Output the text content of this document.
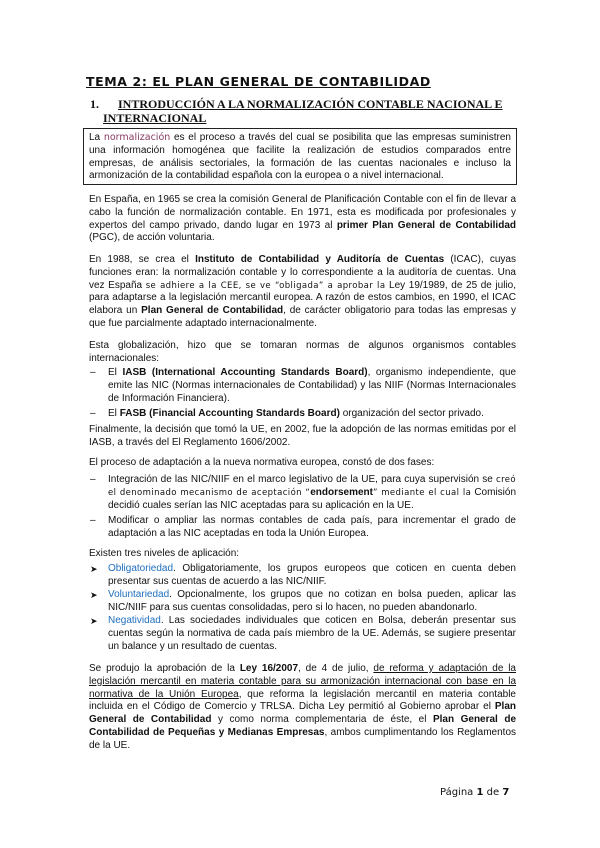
TEMA 2: EL PLAN GENERAL DE CONTABILIDAD
1. INTRODUCCIÓN A LA NORMALIZACIÓN CONTABLE NACIONAL E
INTERNACIONAL
La normalización es el proceso a través del cual se posibilita que las empresas suministren una información homogénea que facilite la realización de estudios comparados entre empresas, de análisis sectoriales, la formación de las cuentas nacionales e incluso la armonización de la contabilidad española con la europea o a nivel internacional.
En España, en 1965 se crea la comisión General de Planificación Contable con el fin de llevar a cabo la función de normalización contable. En 1971, esta es modificada por profesionales y expertos del campo privado, dando lugar en 1973 al primer Plan General de Contabilidad (PGC), de acción voluntaria.
En 1988, se crea el Instituto de Contabilidad y Auditoría de Cuentas (ICAC), cuyas funciones eran: la normalización contable y lo correspondiente a la auditoría de cuentas. Una vez España se adhiere a la CEE, se ve “obligada” a aprobar la Ley 19/1989, de 25 de julio, para adaptarse a la legislación mercantil europea. A razón de estos cambios, en 1990, el ICAC elabora un Plan General de Contabilidad, de carácter obligatorio para todas las empresas y que fue parcialmente adaptado internacionalmente.
Esta globalización, hizo que se tomaran normas de algunos organismos contables internacionales:
– El IASB (International Accounting Standards Board), organismo independiente, que emite las NIC (Normas internacionales de Contabilidad) y las NIIF (Normas Internacionales de Información Financiera).
– El FASB (Financial Accounting Standards Board) organización del sector privado.
Finalmente, la decisión que tomó la UE, en 2002, fue la adopción de las normas emitidas por el IASB, a través del El Reglamento 1606/2002.
El proceso de adaptación a la nueva normativa europea, constó de dos fases:
– Integración de las NIC/NIIF en el marco legislativo de la UE, para cuya supervisión se creó el denominado mecanismo de aceptación “endorsement” mediante el cual la Comisión decidió cuales serían las NIC aceptadas para su aplicación en la UE.
– Modificar o ampliar las normas contables de cada país, para incrementar el grado de adaptación a las NIC aceptadas en toda la Unión Europea.
Existen tres niveles de aplicación:
➤ Obligatoriedad. Obligatoriamente, los grupos europeos que coticen en cuenta deben presentar sus cuentas de acuerdo a las NIC/NIIF.
➤ Voluntariedad. Opcionalmente, los grupos que no cotizan en bolsa pueden, aplicar las NIC/NIIF para sus cuentas consolidadas, pero si lo hacen, no pueden abandonarlo.
➤ Negatividad. Las sociedades individuales que coticen en Bolsa, deberán presentar sus cuentas según la normativa de cada país miembro de la UE. Además, se sugiere presentar un balance y un resultado de cuentas.
Se produjo la aprobación de la Ley 16/2007, de 4 de julio, de reforma y adaptación de la legislación mercantil en materia contable para su armonización internacional con base en la normativa de la Unión Europea, que reforma la legislación mercantil en materia contable incluida en el Código de Comercio y TRLSA. Dicha Ley permitió al Gobierno aprobar el Plan General de Contabilidad y como norma complementaria de éste, el Plan General de Contabilidad de Pequeñas y Medianas Empresas, ambos cumplimentando los Reglamentos de la UE.
Página 1 de 7
